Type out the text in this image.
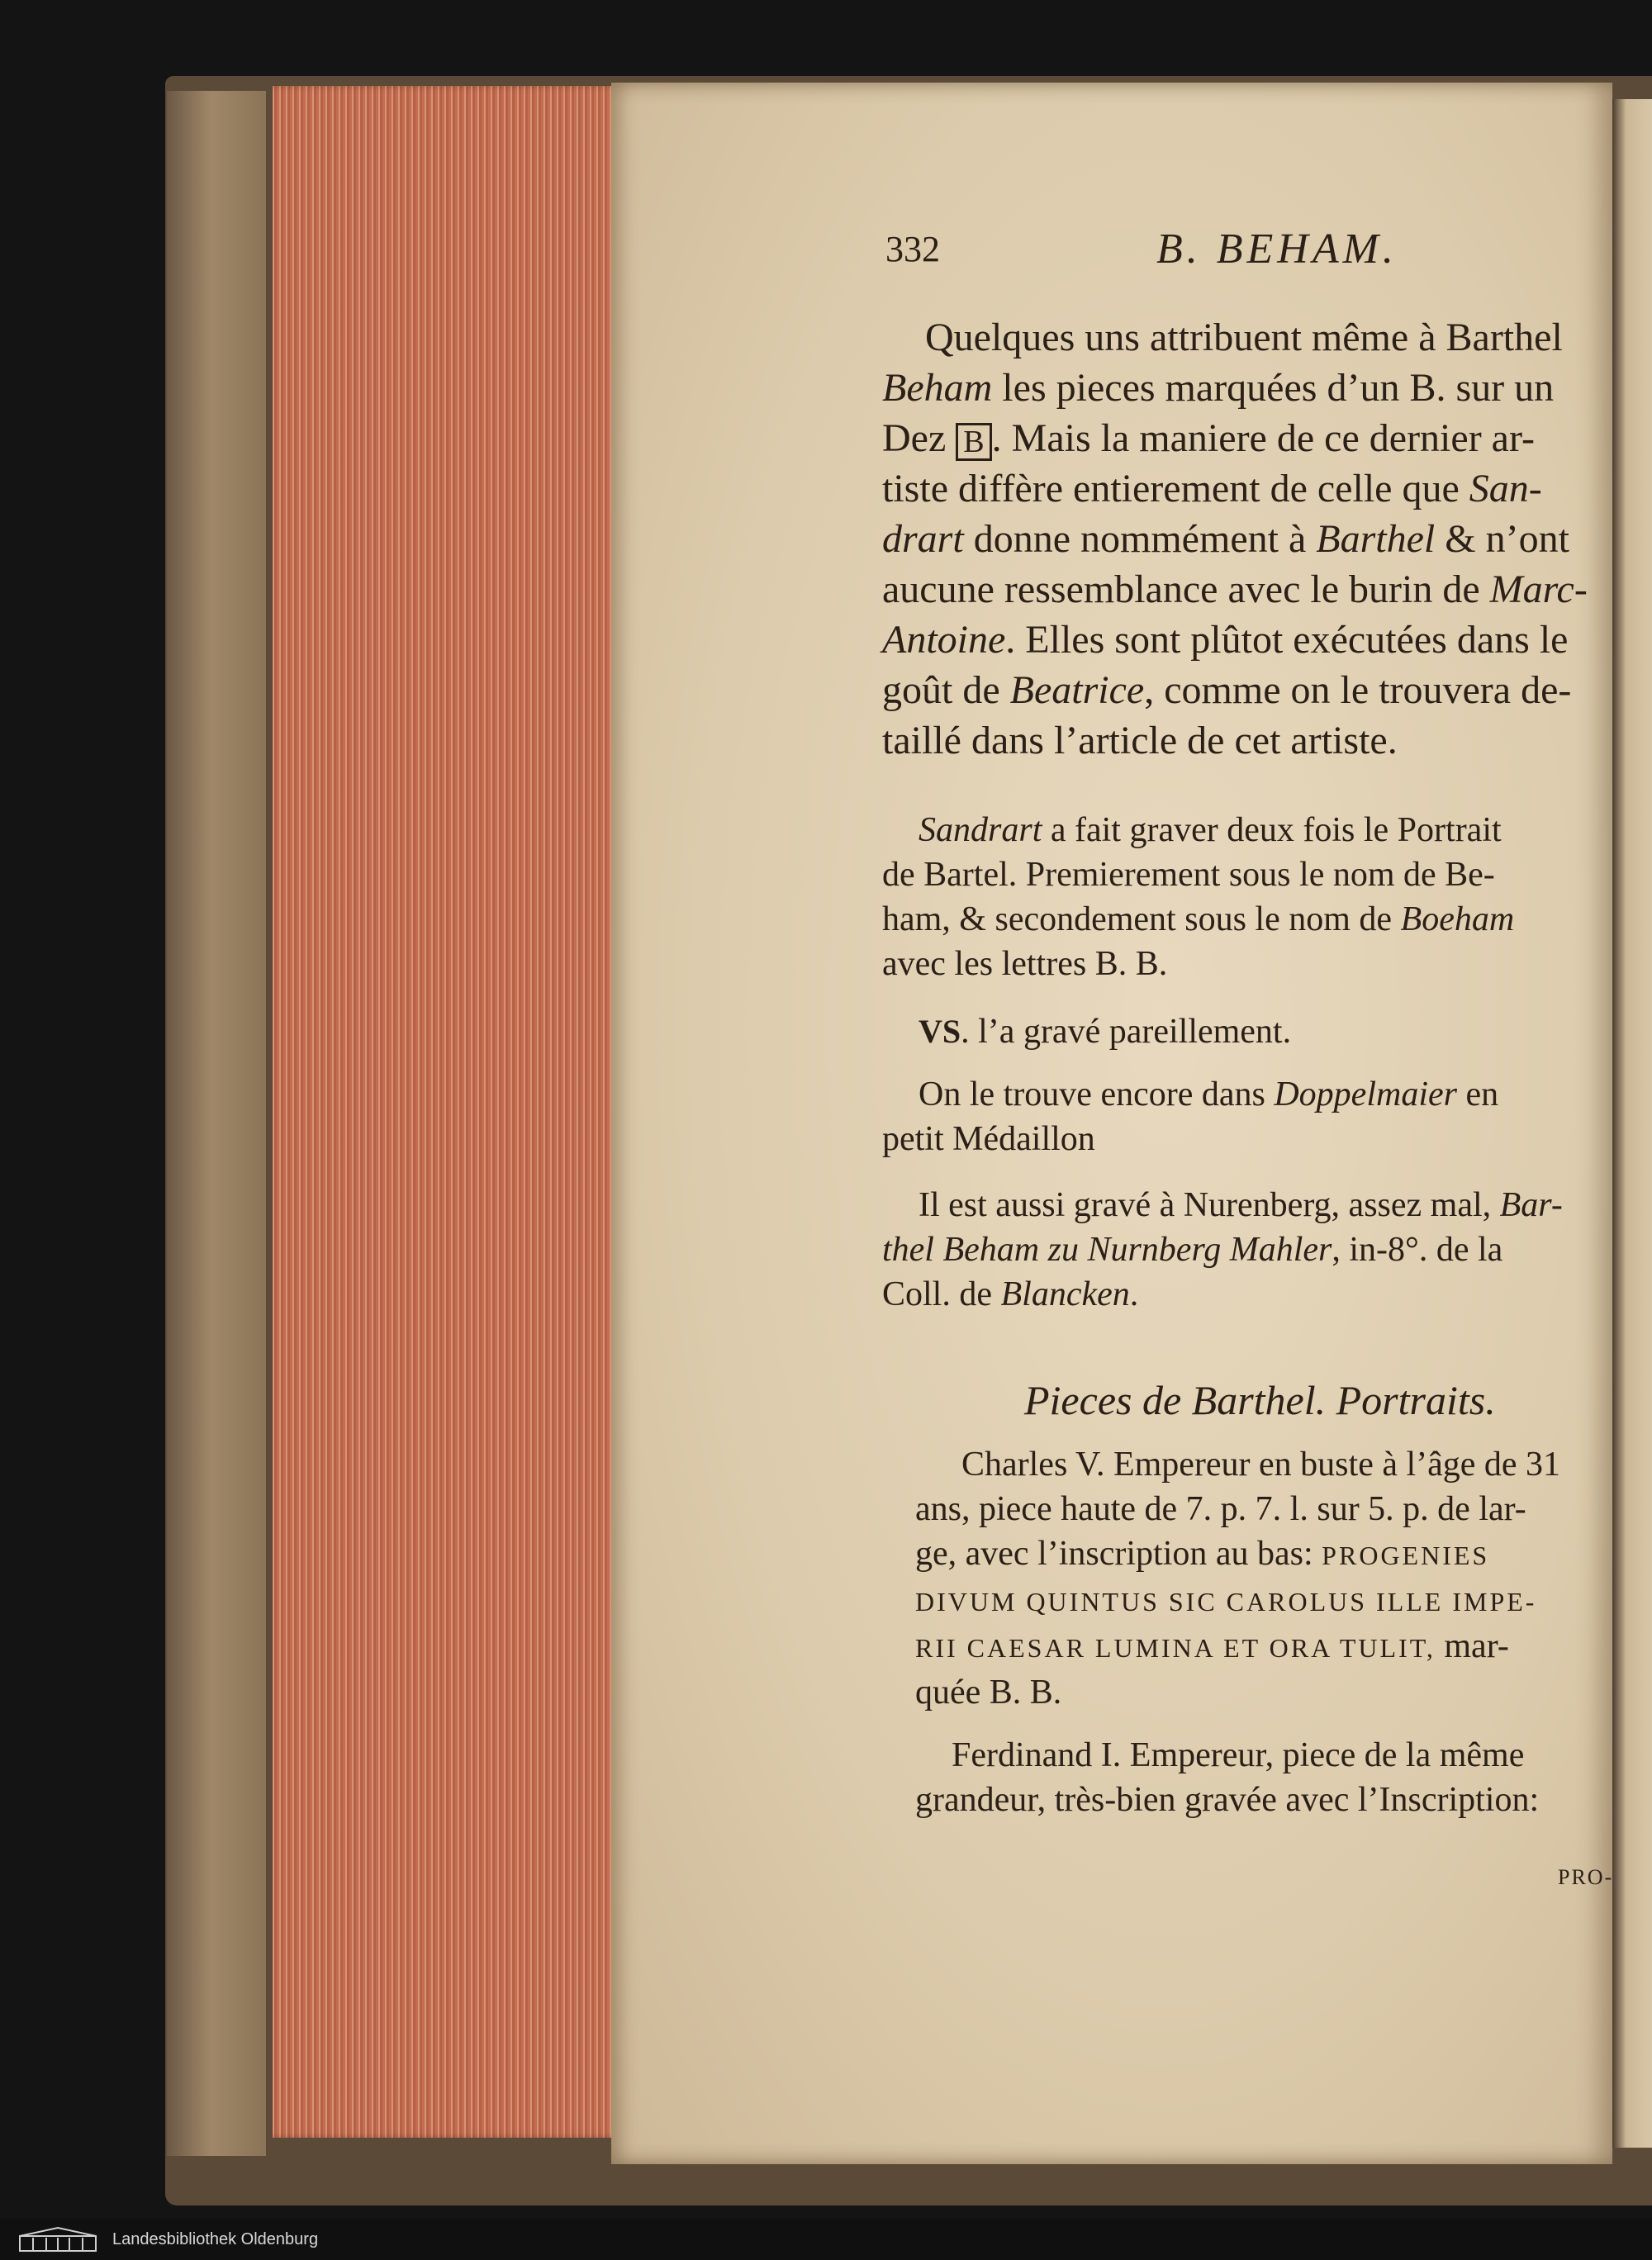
332	B. BEHAM.
Quelques uns attribuent même à Barthel
Beham les pieces marquées d’un B. sur un
Dez B . Mais la maniere de ce dernier ar-
tiste diffère entierement de celle que San-
drart donne nommément à Barthel & n’ont
aucune ressemblance avec le burin de Marc-
Antoine. Elles sont plûtot exécutées dans le
goût de Beatrice, comme on le trouvera de-
taillé dans l’article de cet artiste.
Sandrart a fait graver deux fois le Portrait
de Bartel. Premierement sous le nom de Be-
ham, & secondement sous le nom de Boeham
avec les lettres B. B.
VS. l’a gravé pareillement.
On le trouve encore dans Doppelmaier en
petit Médaillon
Il est aussi gravé à Nurenberg, assez mal, Bar-
thel Beham zu Nurnberg Mahler, in-8°. de la
Coll. de Blancken.
Pieces de Barthel. Portraits.
Charles V. Empereur en buste à l’âge de 31
ans, piece haute de 7. p. 7. l. sur 5. p. de lar-
ge, avec l’inscription au bas: PROGENIES
DIVUM QUINTUS SIC CAROLUS ILLE IMPE-
RII CAESAR LUMINA ET ORA TULIT, mar-
quée B. B.
Ferdinand I. Empereur, piece de la même
grandeur, très-bien gravée avec l’Inscription:
PRO-
Landesbibliothek Oldenburg
